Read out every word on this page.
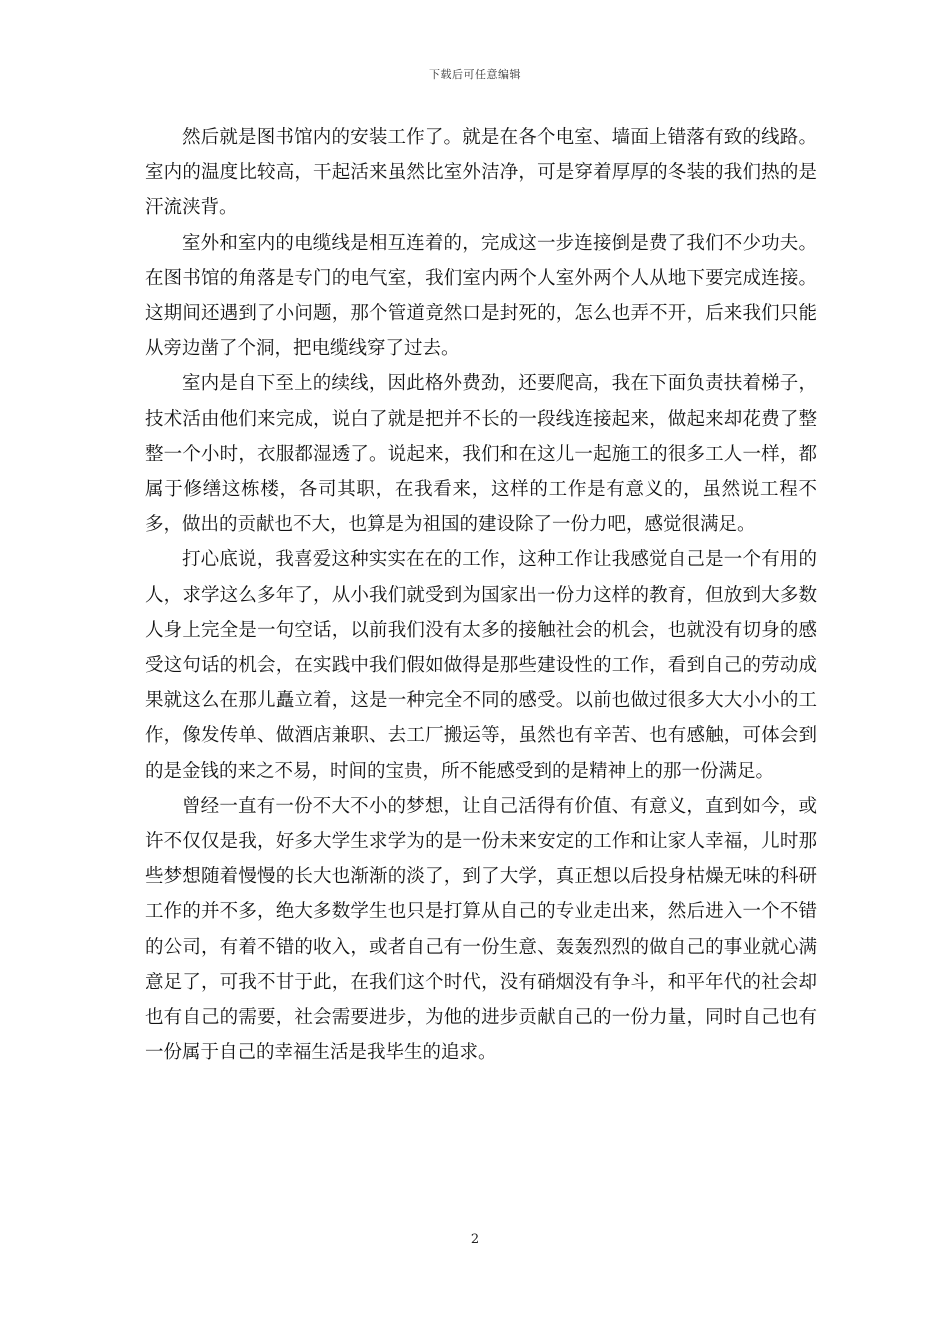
下载后可任意编辑

然后就是图书馆内的安装工作了。就是在各个电室、墙面上错落有致的线路。室内的温度比较高，干起活来虽然比室外洁净，可是穿着厚厚的冬装的我们热的是汗流浃背。

室外和室内的电缆线是相互连着的，完成这一步连接倒是费了我们不少功夫。在图书馆的角落是专门的电气室，我们室内两个人室外两个人从地下要完成连接。这期间还遇到了小问题，那个管道竟然口是封死的，怎么也弄不开，后来我们只能从旁边凿了个洞，把电缆线穿了过去。

室内是自下至上的续线，因此格外费劲，还要爬高，我在下面负责扶着梯子，技术活由他们来完成，说白了就是把并不长的一段线连接起来，做起来却花费了整整一个小时，衣服都湿透了。说起来，我们和在这儿一起施工的很多工人一样，都属于修缮这栋楼，各司其职，在我看来，这样的工作是有意义的，虽然说工程不多，做出的贡献也不大，也算是为祖国的建设除了一份力吧，感觉很满足。

打心底说，我喜爱这种实实在在的工作，这种工作让我感觉自己是一个有用的人，求学这么多年了，从小我们就受到为国家出一份力这样的教育，但放到大多数人身上完全是一句空话，以前我们没有太多的接触社会的机会，也就没有切身的感受这句话的机会，在实践中我们假如做得是那些建设性的工作，看到自己的劳动成果就这么在那儿矗立着，这是一种完全不同的感受。以前也做过很多大大小小的工作，像发传单、做酒店兼职、去工厂搬运等，虽然也有辛苦、也有感触，可体会到的是金钱的来之不易，时间的宝贵，所不能感受到的是精神上的那一份满足。

曾经一直有一份不大不小的梦想，让自己活得有价值、有意义，直到如今，或许不仅仅是我，好多大学生求学为的是一份未来安定的工作和让家人幸福，儿时那些梦想随着慢慢的长大也渐渐的淡了，到了大学，真正想以后投身枯燥无味的科研工作的并不多，绝大多数学生也只是打算从自己的专业走出来，然后进入一个不错的公司，有着不错的收入，或者自己有一份生意、轰轰烈烈的做自己的事业就心满意足了，可我不甘于此，在我们这个时代，没有硝烟没有争斗，和平年代的社会却也有自己的需要，社会需要进步，为他的进步贡献自己的一份力量，同时自己也有一份属于自己的幸福生活是我毕生的追求。

2
